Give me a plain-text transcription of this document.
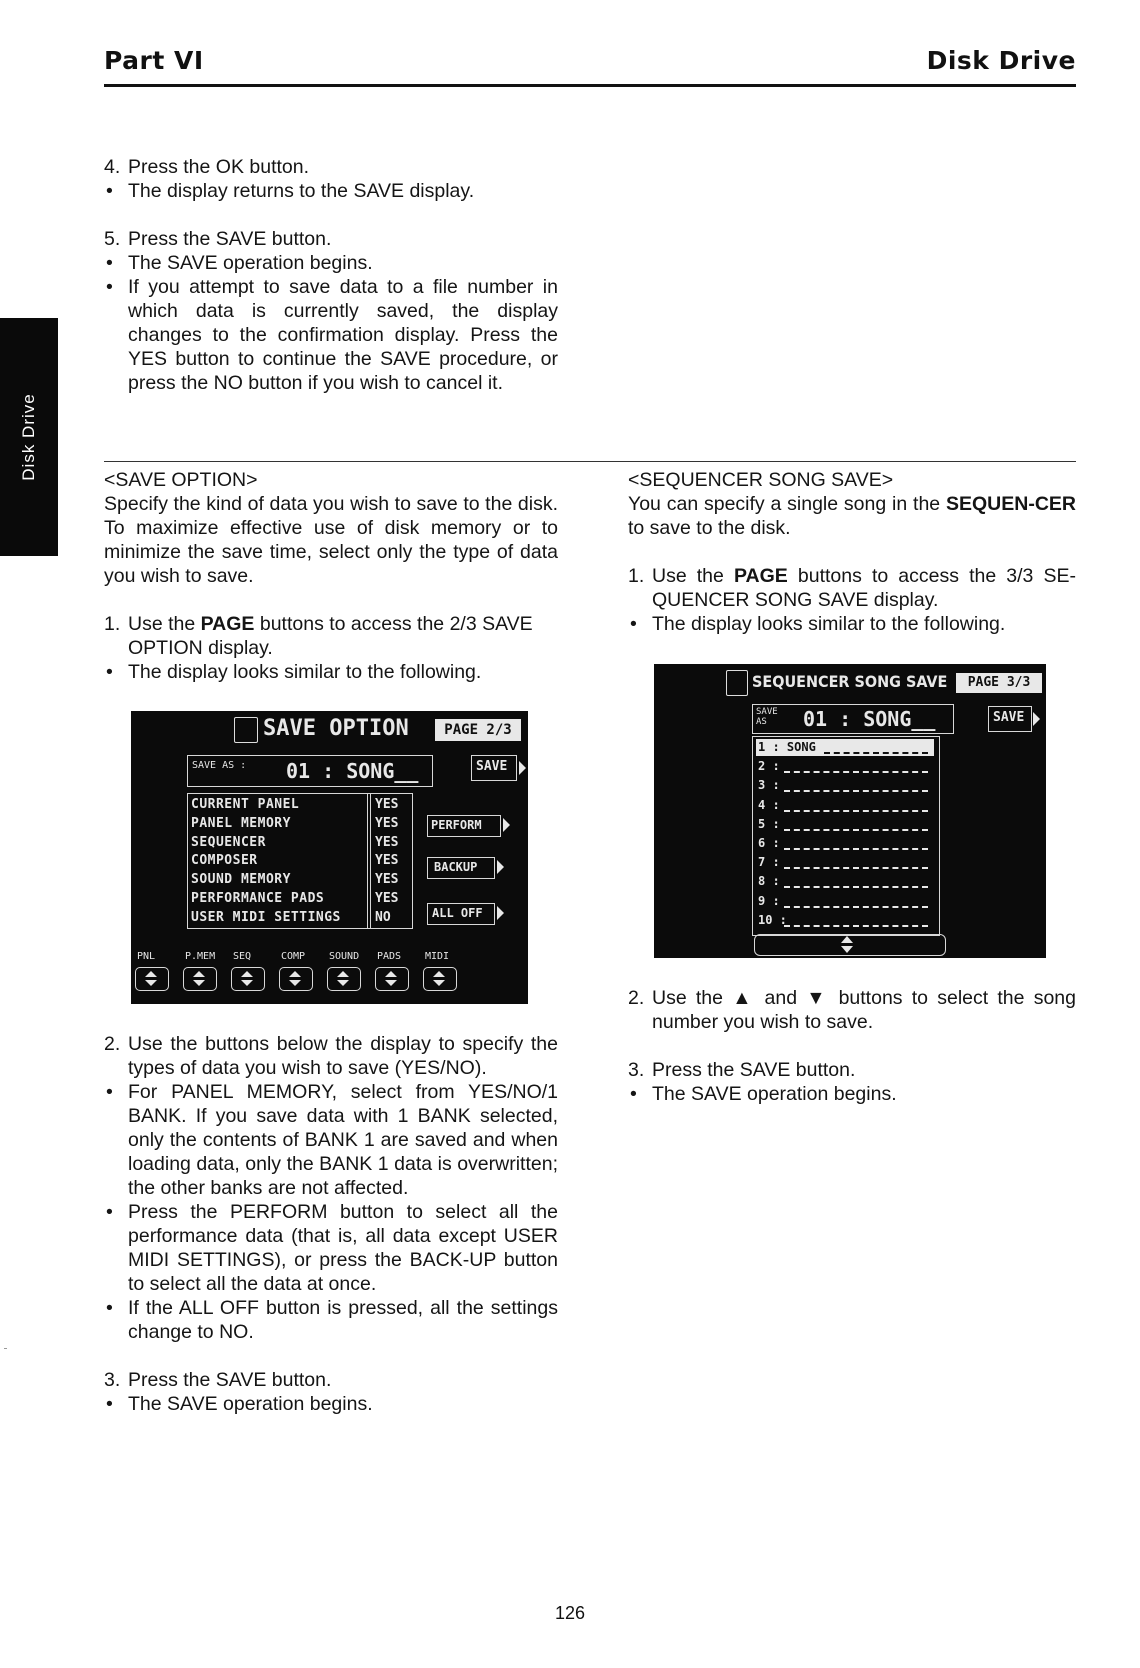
Part VI	Disk Drive
Disk Drive

4. Press the OK button.

• The display returns to the SAVE display.

5. Press the SAVE button.

• The SAVE operation begins.

• If you attempt to save data to a file number in which data is currently saved, the display changes to the confirmation display. Press the YES button to continue the SAVE procedure, or press the NO button if you wish to cancel it.

<SAVE OPTION>

Specify the kind of data you wish to save to the disk. To maximize effective use of disk memory or to minimize the save time, select only the type of data you wish to save.

1. Use the PAGE buttons to access the 2/3 SAVE OPTION display.

• The display looks similar to the following.

2. Use the buttons below the display to specify the types of data you wish to save (YES/NO).

• For PANEL MEMORY, select from YES/NO/1 BANK. If you save data with 1 BANK selected, only the contents of BANK 1 are saved and when loading data, only the BANK 1 data is overwritten; the other banks are not affected.

• Press the PERFORM button to select all the performance data (that is, all data except USER MIDI SETTINGS), or press the BACK-UP button to select all the data at once.

• If the ALL OFF button is pressed, all the settings change to NO.

3. Press the SAVE button.

• The SAVE operation begins.

SAVE OPTION	PAGE 2/3
SAVE AS : 01 : SONG__	SAVE
CURRENT PANEL	YES
PANEL MEMORY	YES
SEQUENCER	YES
COMPOSER	YES
SOUND MEMORY	YES
PERFORMANCE PADS	YES
USER MIDI SETTINGS	NO
PERFORM
BACKUP
ALL OFF
PNL	P.MEM SEQ	COMP SOUND PADS MIDI

<SEQUENCER SONG SAVE>

You can specify a single song in the SEQUEN-CER to save to the disk.

1. Use the PAGE buttons to access the 3/3 SE-QUENCER SONG SAVE display.

• The display looks similar to the following.

2. Use the ▲ and ▼ buttons to select the song number you wish to save.

3. Press the SAVE button.

• The SAVE operation begins.

SEQUENCER SONG SAVE	PAGE 3/3
SAVE AS	01 : SONG__	SAVE
1 : SONG
2 :
3 :
4 :
5 :
6 :
7 :
8 :
9 :
10 :
126
